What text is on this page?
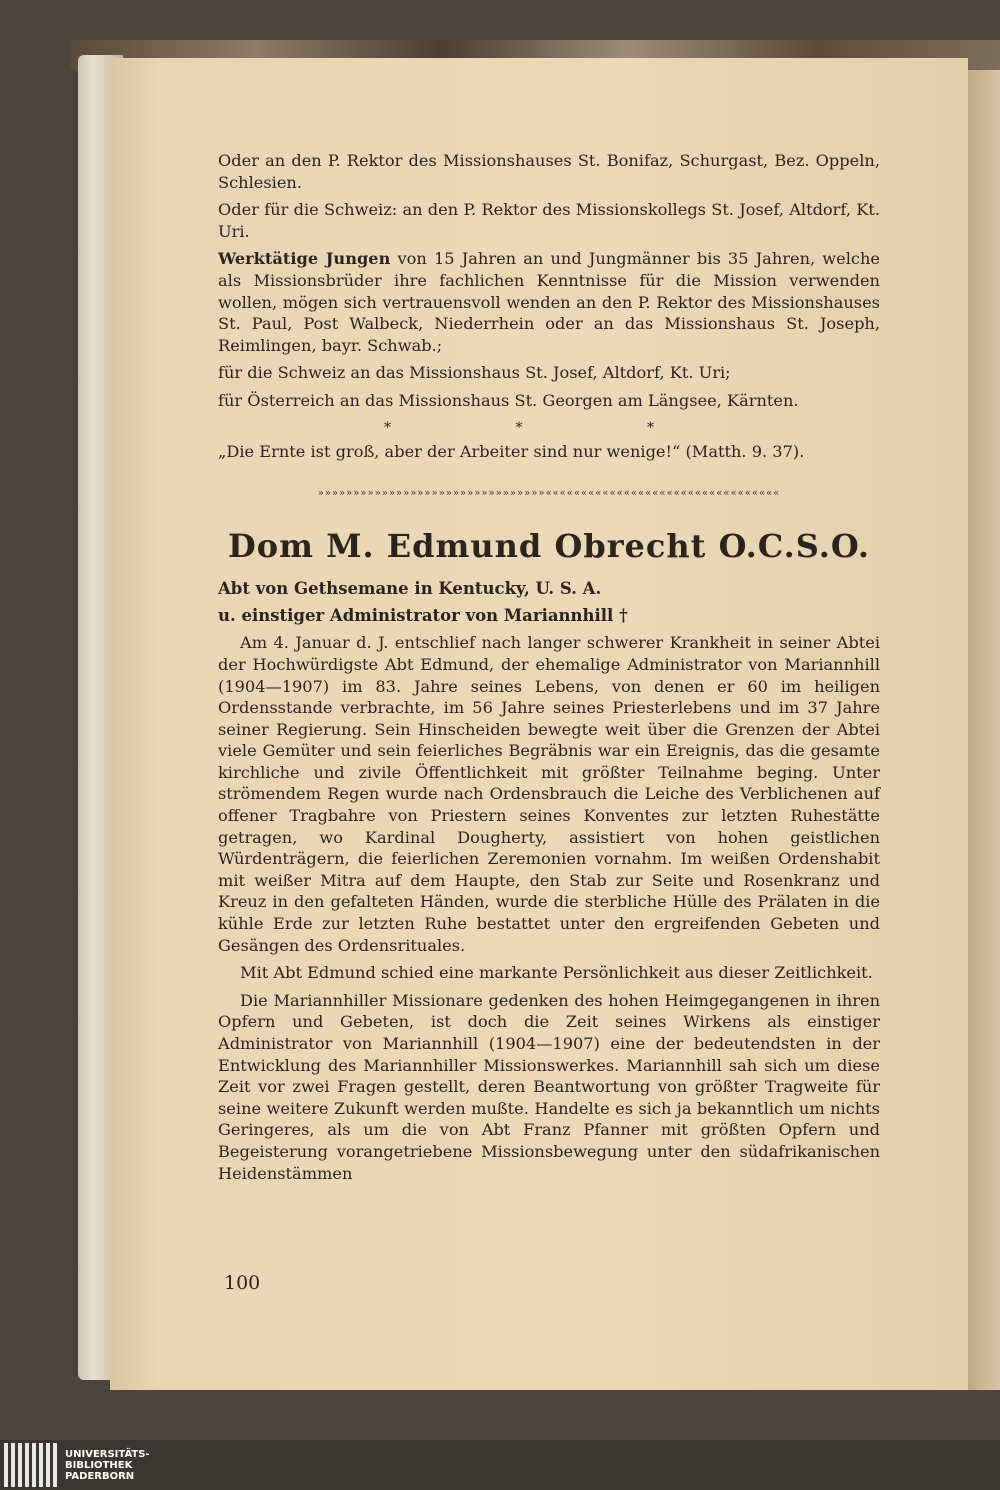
Oder an den P. Rektor des Missionshauses St. Bonifaz, Schurgast, Bez. Oppeln, Schlesien.

Oder für die Schweiz: an den P. Rektor des Missionskollegs St. Josef, Altdorf, Kt. Uri.

Werktätige Jungen von 15 Jahren an und Jungmänner bis 35 Jahren, welche als Missionsbrüder ihre fachlichen Kenntnisse für die Mission verwenden wollen, mögen sich vertrauensvoll wenden an den P. Rektor des Missionshauses St. Paul, Post Walbeck, Niederrhein oder an das Missionshaus St. Joseph, Reimlingen, bayr. Schwab.;

für die Schweiz an das Missionshaus St. Josef, Altdorf, Kt. Uri;

für Österreich an das Missionshaus St. Georgen am Längsee, Kärnten.

* * *

„Die Ernte ist groß, aber der Arbeiter sind nur wenige!“ (Matth. 9. 37).

»»»»»»»»»»»»»»»»»»»»»»»»»»»»»»»»«««««««««««««««««««««««««««««««««
Dom M. Edmund Obrecht O.C.S.O.

Abt von Gethsemane in Kentucky, U. S. A.

u. einstiger Administrator von Mariannhill †

Am 4. Januar d. J. entschlief nach langer schwerer Krankheit in seiner Abtei der Hochwürdigste Abt Edmund, der ehemalige Administrator von Mariannhill (1904—1907) im 83. Jahre seines Lebens, von denen er 60 im heiligen Ordensstande verbrachte, im 56 Jahre seines Priesterlebens und im 37 Jahre seiner Regierung. Sein Hinscheiden bewegte weit über die Grenzen der Abtei viele Gemüter und sein feierliches Begräbnis war ein Ereignis, das die gesamte kirchliche und zivile Öffentlichkeit mit größter Teilnahme beging. Unter strömendem Regen wurde nach Ordensbrauch die Leiche des Verblichenen auf offener Tragbahre von Priestern seines Konventes zur letzten Ruhestätte getragen, wo Kardinal Dougherty, assistiert von hohen geistlichen Würdenträgern, die feierlichen Zeremonien vornahm. Im weißen Ordenshabit mit weißer Mitra auf dem Haupte, den Stab zur Seite und Rosenkranz und Kreuz in den gefalteten Händen, wurde die sterbliche Hülle des Prälaten in die kühle Erde zur letzten Ruhe bestattet unter den ergreifenden Gebeten und Gesängen des Ordensrituales.

Mit Abt Edmund schied eine markante Persönlichkeit aus dieser Zeitlichkeit.

Die Mariannhiller Missionare gedenken des hohen Heimgegangenen in ihren Opfern und Gebeten, ist doch die Zeit seines Wirkens als einstiger Administrator von Mariannhill (1904—1907) eine der bedeutendsten in der Entwicklung des Mariannhiller Missionswerkes. Mariannhill sah sich um diese Zeit vor zwei Fragen gestellt, deren Beantwortung von größter Tragweite für seine weitere Zukunft werden mußte. Handelte es sich ja bekanntlich um nichts Geringeres, als um die von Abt Franz Pfanner mit größten Opfern und Begeisterung vorangetriebene Missionsbewegung unter den südafrikanischen Heidenstämmen

100
UNIVERSITÄTS-
BIBLIOTHEK
PADERBORN
